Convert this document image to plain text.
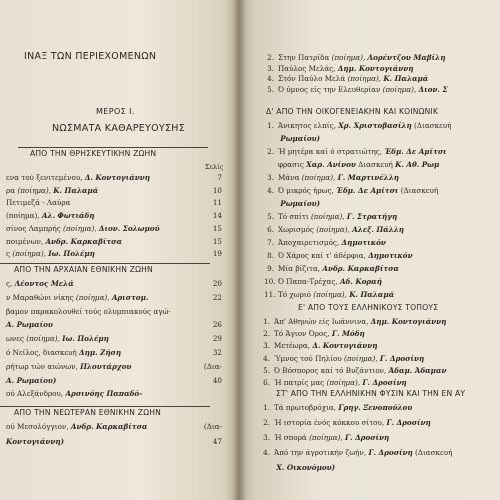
ΙΝΑΞ ΤΩΝ ΠΕΡΙΕΧΟΜΕΝΩΝ
ΜΕΡΟΣ Ι.
ΝΩΣΜΑΤΑ ΚΑΘΑΡΕΥΟΥΣΗΣ
ΑΠΟ ΤΗΝ ΘΡΗΣΚΕΥΤΙΚΗΝ ΖΩΗΝ
Σελίς
ενα τού ξενιτεμένου, Δ. Κοντογιάννη	7
ρα (ποίημα), Κ. Παλαμά	10
Πετιμεζά - Λαύρα	11
(ποίημα), Αλ. Φωτιάδη	14
σίνος Λαμπρής (ποίημα), Διον. Σολωμού	15
ποιμένων, Ανδρ. Καρκαβίτσα	15
ς (ποίημα), Ιω. Πολέμη	19
ΑΠΟ ΤΗΝ ΑΡΧΑΙΑΝ ΕΘΝΙΚΗΝ ΖΩΗΝ
ς, Λέοντος Μελά	20
ν Μαραθώνι νίκης (ποίημα), Αριστομ.	22
βαμον παρακολουθεί τούς ολυμπιακούς αγώ-
Α. Ρωμαίου	26
ωνες (ποίημα), Ιω. Πολέμη	29
ό Νείλος, διασκευή Δημ. Ζήση	32
ρήτωρ τών αιώνων, Πλουτάρχου	(Δια-
Α. Ρωμαίου)	40
ού Αλεξάνδρου, Αρσινόης Παπαδό-
ΑΠΟ ΤΗΝ ΝΕΩΤΕΡΑΝ ΕΘΝΙΚΗΝ ΖΩΗΝ
ού Μεσολόγγιον, Ανδρ. Καρκαβίτσα	(Δια-
Κοντογιάννη)	47
2. Στην Πατρίδα (ποίημα), Λορέντζου Μαβίλη
3. Παύλος Μελάς, Δημ. Κοντογιάννη
4. Στόν Παύλο Μελά (ποίημα), Κ. Παλαμά
5. Ό ύμνος είς την Ελευθερίαν (ποίημα), Διον. Σ
Δ' ΑΠΟ ΤΗΝ ΟΙΚΟΓΕΝΕΙΑΚΗΝ ΚΑΙ ΚΟΙΝΩΝΙΚ
1. Άνικητος ελπίς, Χρ. Χριστοβασίλη (Διασκευή
Ρωμαίου)
2. Ή μητέρα καί ό στρατιώτης, Έδμ. Δε Αμίτσι
φρασις Χαρ. Ανίνου Διασκευή Κ. Αθ. Ρωμ
3. Μάνα (ποίημα), Γ. Μαρτινέλλη
4. Ό μικρός ήρως, Έδμ. Δε Αμίτσι (Διασκευή
Ρωμαίου)
5. Τό σπίτι (ποίημα), Γ. Στρατήγη
6. Χωρισμός (ποίημα), Αλεξ. Πάλλη
7. Άποχαιρετισμός, Δημοτικόν
8. Ό Χάρος καί τ' άδέρφια, Δημοτικόν
9. Μία βίζιτα, Ανδρ. Καρκαβίτσα
10. Ό Παπα-Τρέχας, Αδ. Κοραή
11. Τό χωριό (ποίημα), Κ. Παλαμά
Ε' ΑΠΟ ΤΟΥΣ ΕΛΛΗΝΙΚΟΥΣ ΤΟΠΟΥΣ
1. Άπ' Αθηνών είς Ιωάννινα, Δημ. Κοντογιάννη
2. Τό Άγιον Όρος, Γ. Μόδη
3. Μετέωρα, Δ. Κοντογιάννη
4. Ύμνος τού Πηλίου (ποίημα), Γ. Δροσίνη
5. Ό Βόσπορος καί τό Βυζάντιον, Άδαμ. Άδαμαν
6. Ή πατρίς μας (ποίημα), Γ. Δροσίνη
ΣΤ' ΑΠΟ ΤΗΝ ΕΛΛΗΝΙΚΗΝ ΦΥΣΙΝ ΚΑΙ ΤΗΝ ΕΝ ΑΥ
1. Τά πρωτοβρόχια, Γρηγ. Ξενοπούλου
2. Ή ιστορία ένός κόκκου σίτου, Γ. Δροσίνη
3. Ή σπορά (ποίημα), Γ. Δροσίνη
4. Άπό την άγροτικήν ζωήν, Γ. Δροσίνη (Διασκευή
Χ. Οικονόμου)
